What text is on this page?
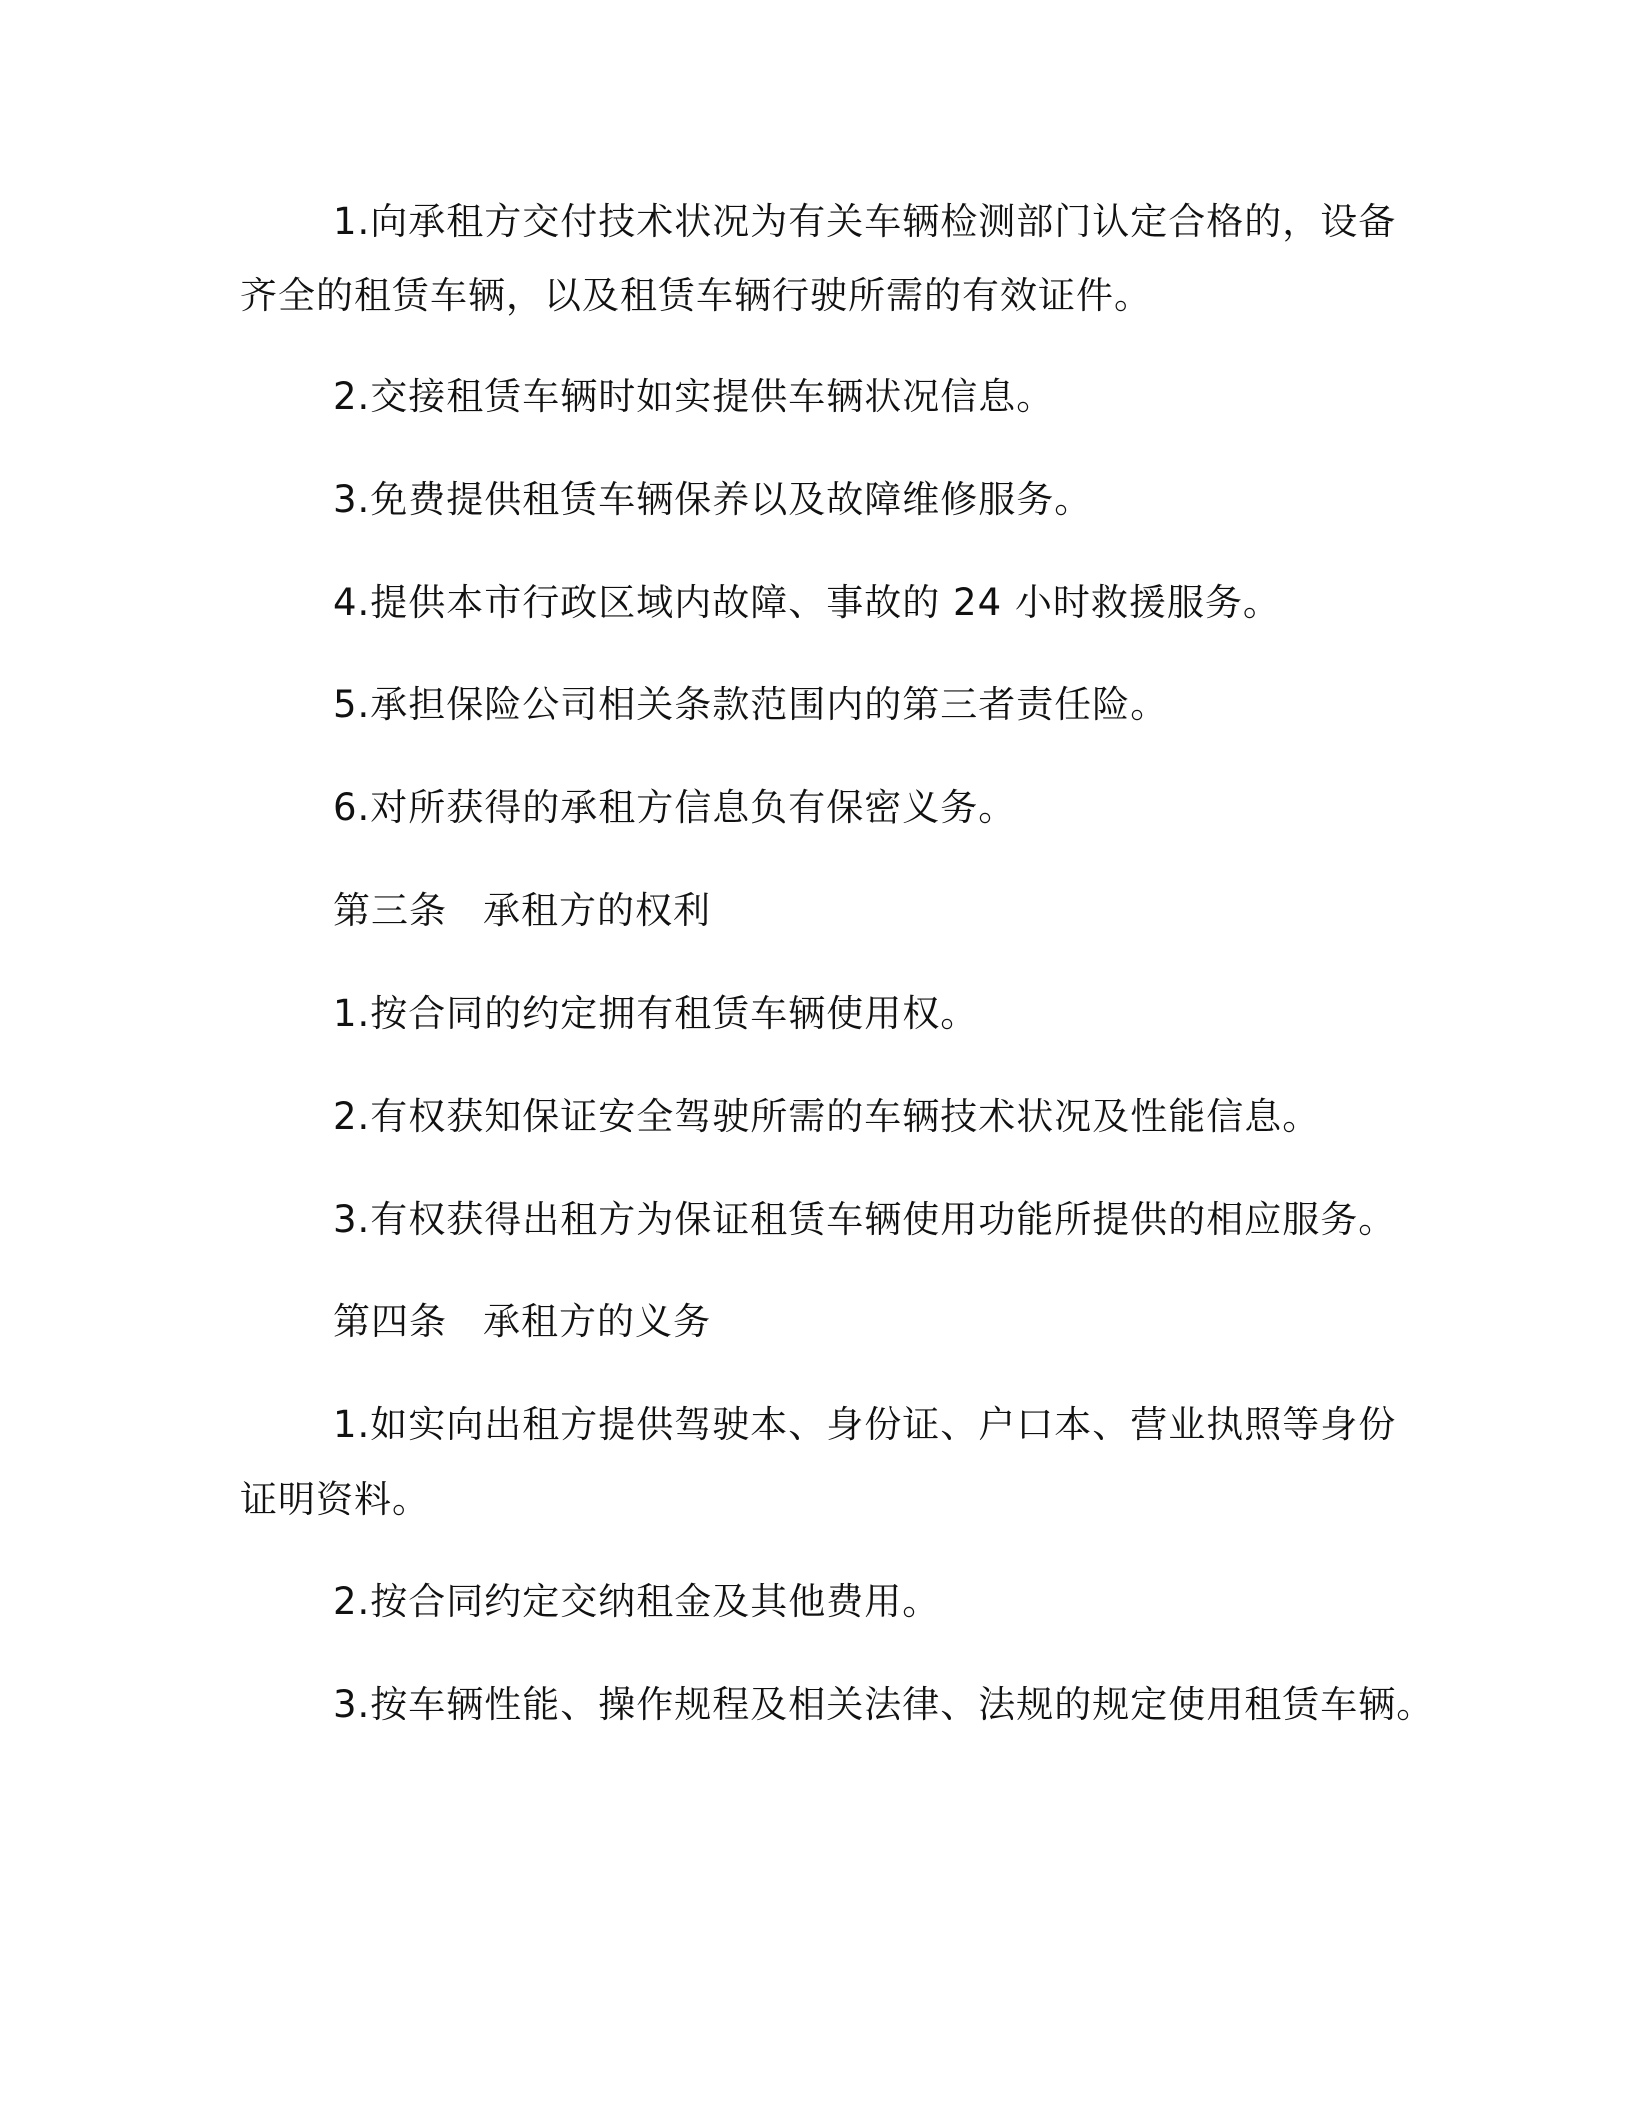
1.向承租方交付技术状况为有关车辆检测部门认定合格的，设备
齐全的租赁车辆，以及租赁车辆行驶所需的有效证件。
2.交接租赁车辆时如实提供车辆状况信息。
3.免费提供租赁车辆保养以及故障维修服务。
4.提供本市行政区域内故障、事故的 24 小时救援服务。
5.承担保险公司相关条款范围内的第三者责任险。
6.对所获得的承租方信息负有保密义务。
第三条 承租方的权利
1.按合同的约定拥有租赁车辆使用权。
2.有权获知保证安全驾驶所需的车辆技术状况及性能信息。
3.有权获得出租方为保证租赁车辆使用功能所提供的相应服务。
第四条 承租方的义务
1.如实向出租方提供驾驶本、身份证、户口本、营业执照等身份
证明资料。
2.按合同约定交纳租金及其他费用。
3.按车辆性能、操作规程及相关法律、法规的规定使用租赁车辆。
